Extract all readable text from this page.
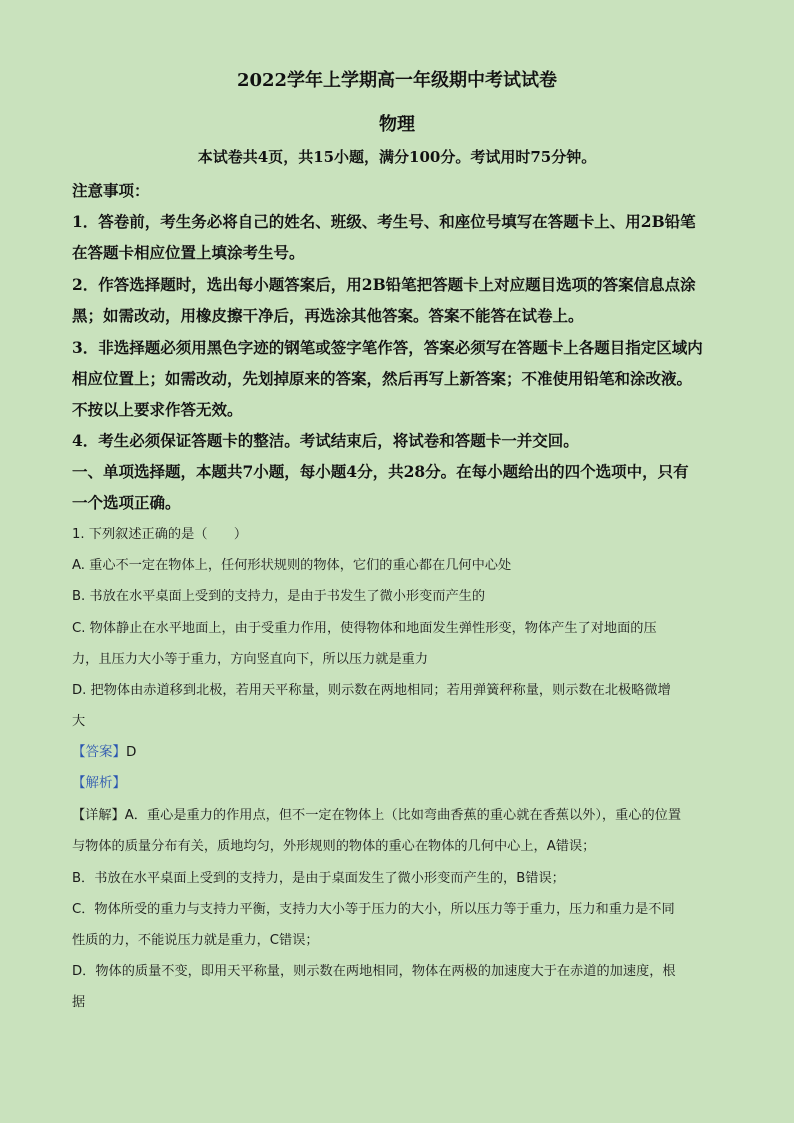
2022学年上学期高一年级期中考试试卷
物理
本试卷共4页，共15小题，满分100分。考试用时75分钟。
注意事项：
1．答卷前，考生务必将自己的姓名、班级、考生号、和座位号填写在答题卡上、用2B铅笔
在答题卡相应位置上填涂考生号。
2．作答选择题时，选出每小题答案后，用2B铅笔把答题卡上对应题目选项的答案信息点涂
黑；如需改动，用橡皮擦干净后，再选涂其他答案。答案不能答在试卷上。
3．非选择题必须用黑色字迹的钢笔或签字笔作答，答案必须写在答题卡上各题目指定区域内
相应位置上；如需改动，先划掉原来的答案，然后再写上新答案；不准使用铅笔和涂改液。
不按以上要求作答无效。
4．考生必须保证答题卡的整洁。考试结束后，将试卷和答题卡一并交回。
一、单项选择题，本题共7小题，每小题4分，共28分。在每小题给出的四个选项中，只有
一个选项正确。
1. 下列叙述正确的是（　　）
A. 重心不一定在物体上，任何形状规则的物体，它们的重心都在几何中心处
B. 书放在水平桌面上受到的支持力，是由于书发生了微小形变而产生的
C. 物体静止在水平地面上，由于受重力作用，使得物体和地面发生弹性形变，物体产生了对地面的压
力，且压力大小等于重力，方向竖直向下，所以压力就是重力
D. 把物体由赤道移到北极，若用天平称量，则示数在两地相同；若用弹簧秤称量，则示数在北极略微增
大
【答案】D
【解析】
【详解】A．重心是重力的作用点，但不一定在物体上（比如弯曲香蕉的重心就在香蕉以外），重心的位置
与物体的质量分布有关，质地均匀，外形规则的物体的重心在物体的几何中心上，A错误；
B．书放在水平桌面上受到的支持力，是由于桌面发生了微小形变而产生的，B错误；
C．物体所受的重力与支持力平衡，支持力大小等于压力的大小，所以压力等于重力，压力和重力是不同
性质的力，不能说压力就是重力，C错误；
D．物体的质量不变，即用天平称量，则示数在两地相同，物体在两极的加速度大于在赤道的加速度，根
据
